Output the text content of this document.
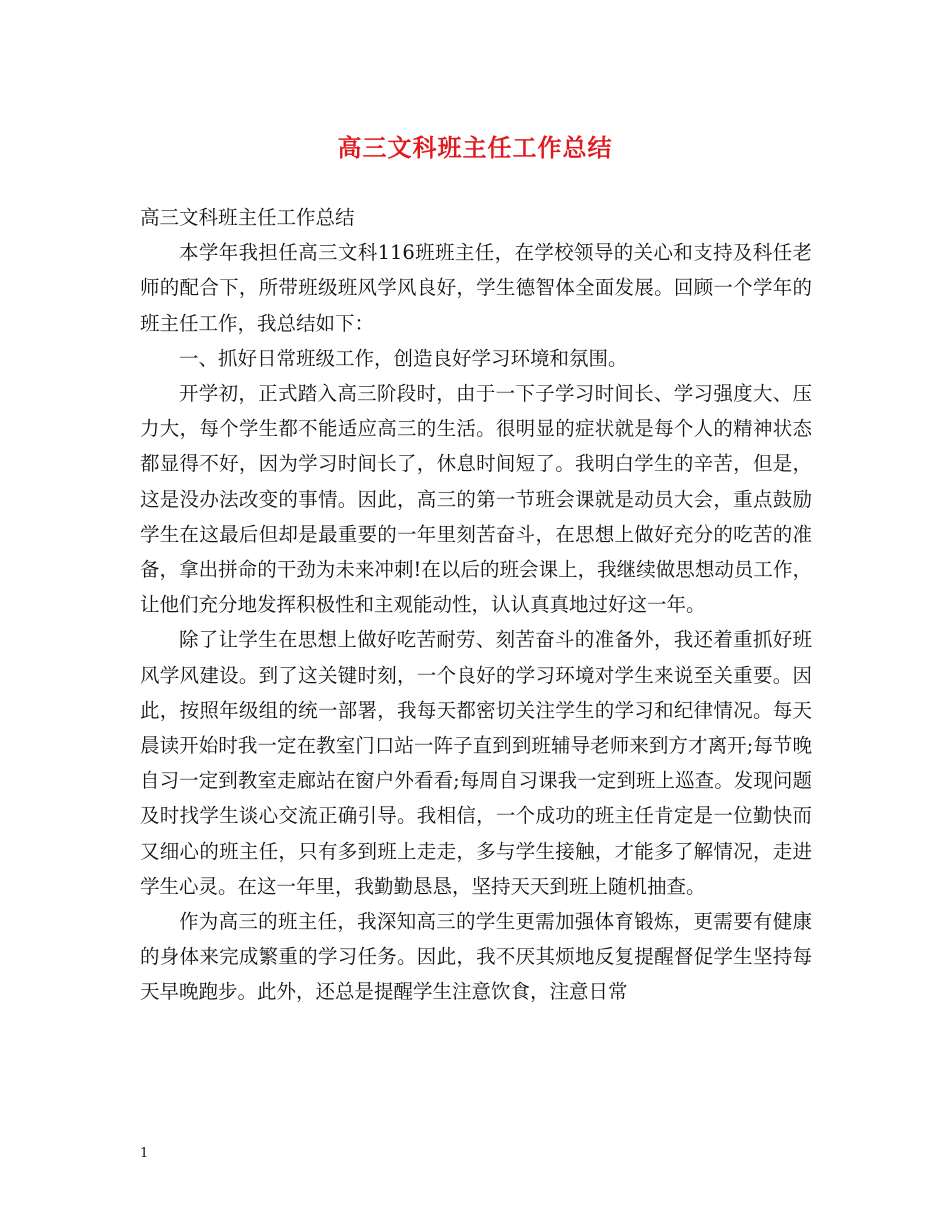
高三文科班主任工作总结

高三文科班主任工作总结

本学年我担任高三文科116班班主任，在学校领导的关心和支持及科任老师的配合下，所带班级班风学风良好，学生德智体全面发展。回顾一个学年的班主任工作，我总结如下：

一、抓好日常班级工作，创造良好学习环境和氛围。

开学初，正式踏入高三阶段时，由于一下子学习时间长、学习强度大、压力大，每个学生都不能适应高三的生活。很明显的症状就是每个人的精神状态都显得不好，因为学习时间长了，休息时间短了。我明白学生的辛苦，但是，这是没办法改变的事情。因此，高三的第一节班会课就是动员大会，重点鼓励学生在这最后但却是最重要的一年里刻苦奋斗，在思想上做好充分的吃苦的准备，拿出拼命的干劲为未来冲刺!在以后的班会课上，我继续做思想动员工作，让他们充分地发挥积极性和主观能动性，认认真真地过好这一年。

除了让学生在思想上做好吃苦耐劳、刻苦奋斗的准备外，我还着重抓好班风学风建设。到了这关键时刻，一个良好的学习环境对学生来说至关重要。因此，按照年级组的统一部署，我每天都密切关注学生的学习和纪律情况。每天晨读开始时我一定在教室门口站一阵子直到到班辅导老师来到方才离开;每节晚自习一定到教室走廊站在窗户外看看;每周自习课我一定到班上巡查。发现问题及时找学生谈心交流正确引导。我相信，一个成功的班主任肯定是一位勤快而又细心的班主任，只有多到班上走走，多与学生接触，才能多了解情况，走进学生心灵。在这一年里，我勤勤恳恳，坚持天天到班上随机抽查。

作为高三的班主任，我深知高三的学生更需加强体育锻炼，更需要有健康的身体来完成繁重的学习任务。因此，我不厌其烦地反复提醒督促学生坚持每天早晚跑步。此外，还总是提醒学生注意饮食，注意日常

1
